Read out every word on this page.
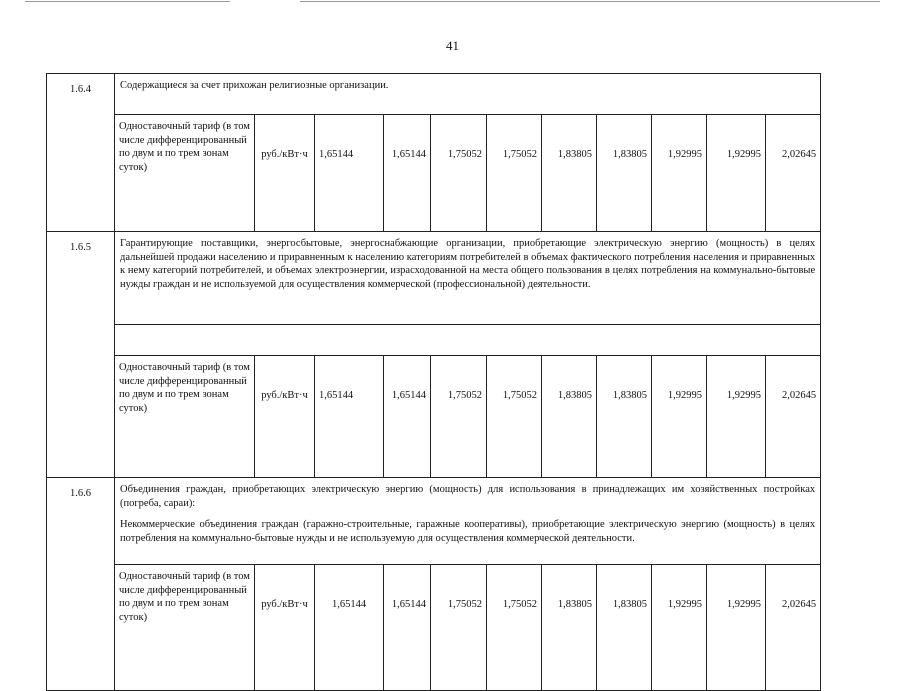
41
1.6.4	Содержащиеся за счет прихожан религиозные организации.										

	Одноставочный тариф (в том числе дифференцированный по двум и по трем зонам суток)	руб./кВт·ч	1,65144	1,65144	1,75052	1,75052	1,83805	1,83805	1,92995	1,92995	2,02645
1.6.5	Гарантирующие поставщики, энергосбытовые, энергоснабжающие организации, приобретающие электрическую энергию (мощность) в целях дальнейшей продажи населению и приравненным к населению категориям потребителей в объемах фактического потребления населения и приравненных к нему категорий потребителей, и объемах электроэнергии, израсходованной на места общего пользования в целях потребления на коммунально-бытовые нужды граждан и не используемой для осуществления коммерческой (профессиональной) деятельности.										

	Одноставочный тариф (в том числе дифференцированный по двум и по трем зонам суток)	руб./кВт·ч	1,65144	1,65144	1,75052	1,75052	1,83805	1,83805	1,92995	1,92995	2,02645
1.6.6	Объединения граждан, приобретающих электрическую энергию (мощность) для использования в принадлежащих им хозяйственных постройках (погреба, сараи):
Некоммерческие объединения граждан (гаражно-строительные, гаражные кооперативы), приобретающие электрическую энергию (мощность) в целях потребления на коммунально-бытовые нужды и не используемую для осуществления коммерческой деятельности.										

	Одноставочный тариф (в том числе дифференцированный по двум и по трем зонам суток)	руб./кВт·ч	1,65144	1,65144	1,75052	1,75052	1,83805	1,83805	1,92995	1,92995	2,02645
